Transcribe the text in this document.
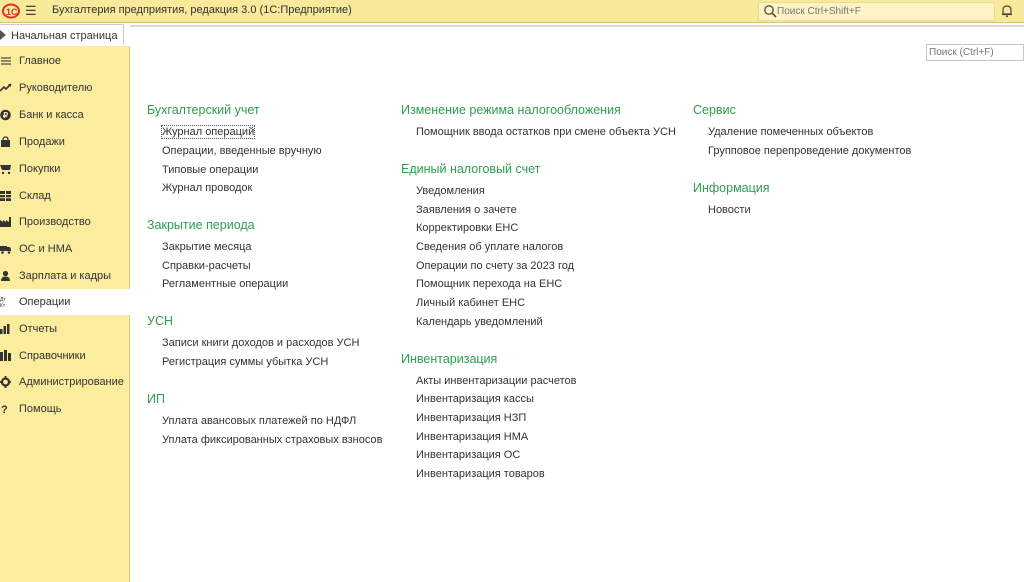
1С ☰ Бухгалтерия предприятия, редакция 3.0 (1С:Предприятие)
Поиск Ctrl+Shift+F
Начальная страница
Главное
Руководителю
₽ Банк и касса
Продажи
Покупки
Склад
Производство
ОС и НМА
Зарплата и кадры
Дт
Кт Операции
Отчеты
Справочники
Администрирование
? Помощь
Поиск (Ctrl+F)
Бухгалтерский учет
Журнал операций
Операции, введенные вручную
Типовые операции
Журнал проводок
Закрытие периода
Закрытие месяца
Справки-расчеты
Регламентные операции
УСН
Записи книги доходов и расходов УСН
Регистрация суммы убытка УСН
ИП
Уплата авансовых платежей по НДФЛ
Уплата фиксированных страховых взносов
Изменение режима налогообложения
Помощник ввода остатков при смене объекта УСН
Единый налоговый счет
Уведомления
Заявления о зачете
Корректировки ЕНС
Сведения об уплате налогов
Операции по счету за 2023 год
Помощник перехода на ЕНС
Личный кабинет ЕНС
Календарь уведомлений
Инвентаризация
Акты инвентаризации расчетов
Инвентаризация кассы
Инвентаризация НЗП
Инвентаризация НМА
Инвентаризация ОС
Инвентаризация товаров
Сервис
Удаление помеченных объектов
Групповое перепроведение документов
Информация
Новости
